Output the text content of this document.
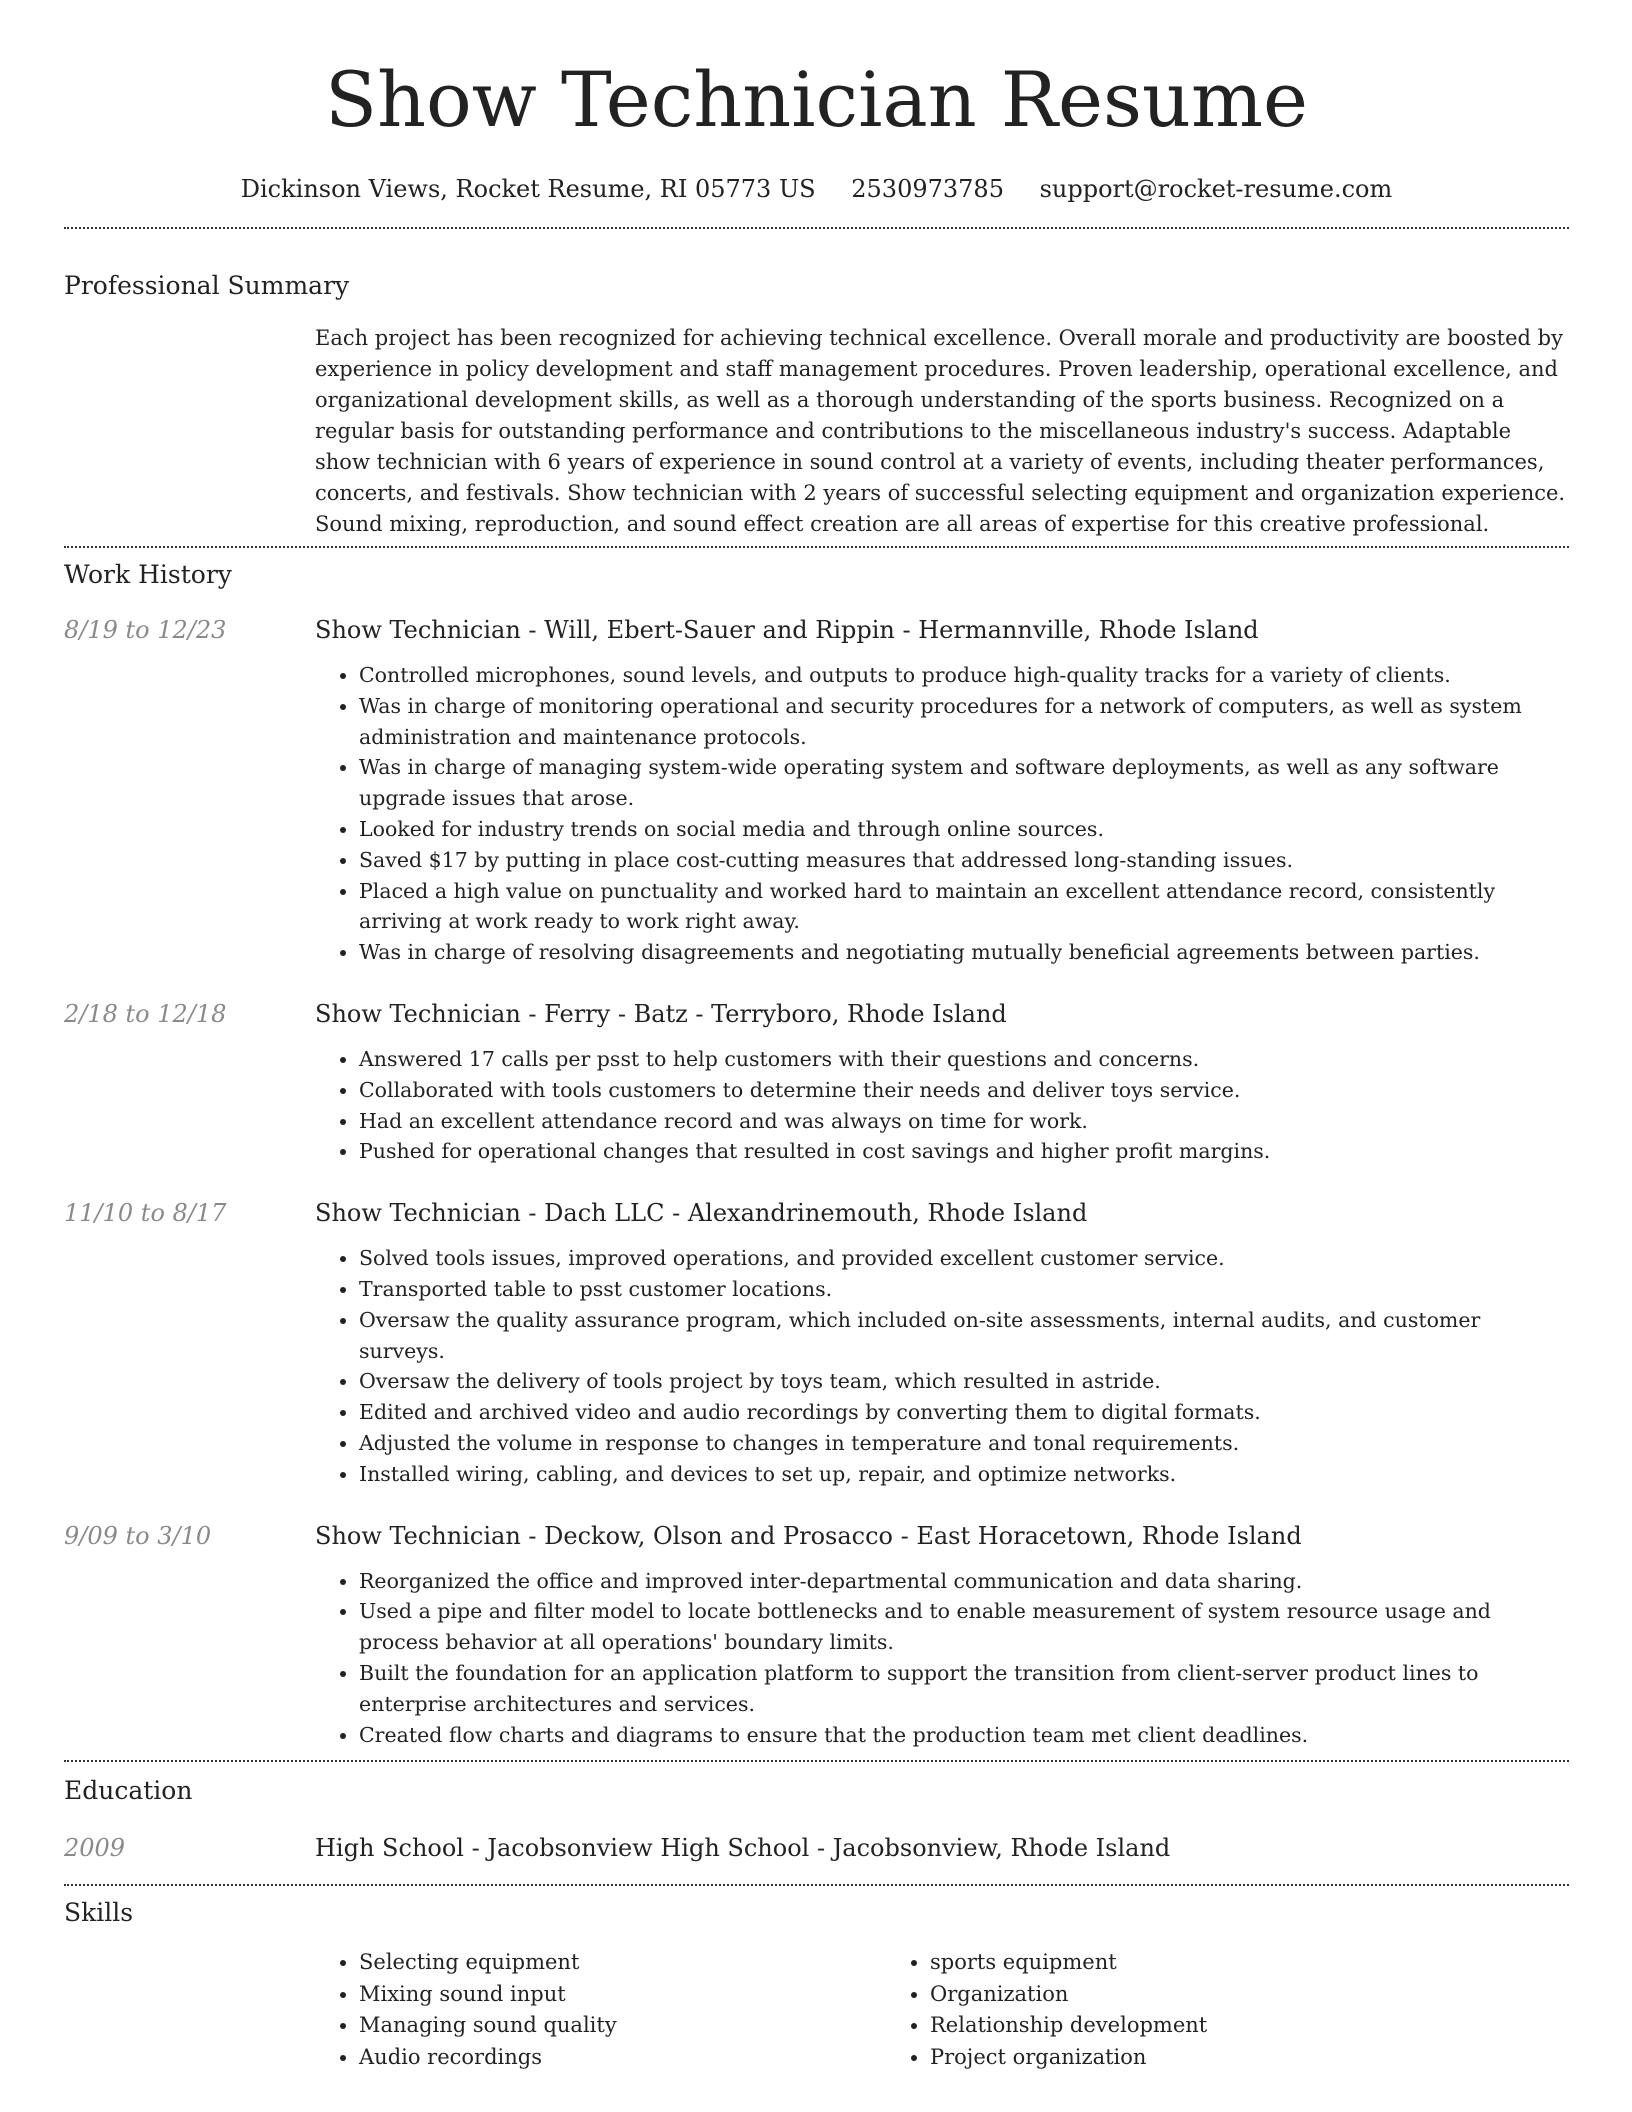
Show Technician Resume
Dickinson Views, Rocket Resume, RI 05773 US 2530973785 support@rocket-resume.com
Professional Summary

Each project has been recognized for achieving technical excellence. Overall morale and productivity are boosted by experience in policy development and staff management procedures. Proven leadership, operational excellence, and organizational development skills, as well as a thorough understanding of the sports business. Recognized on a regular basis for outstanding performance and contributions to the miscellaneous industry's success. Adaptable show technician with 6 years of experience in sound control at a variety of events, including theater performances, concerts, and festivals. Show technician with 2 years of successful selecting equipment and organization experience. Sound mixing, reproduction, and sound effect creation are all areas of expertise for this creative professional.

Work History
8/19 to 12/23	Show Technician - Will, Ebert-Sauer and Rippin - Hermannville, Rhode Island

• Controlled microphones, sound levels, and outputs to produce high-quality tracks for a variety of clients.
• Was in charge of monitoring operational and security procedures for a network of computers, as well as system administration and maintenance protocols.
• Was in charge of managing system-wide operating system and software deployments, as well as any software upgrade issues that arose.
• Looked for industry trends on social media and through online sources.
• Saved $17 by putting in place cost-cutting measures that addressed long-standing issues.
• Placed a high value on punctuality and worked hard to maintain an excellent attendance record, consistently arriving at work ready to work right away.
• Was in charge of resolving disagreements and negotiating mutually beneficial agreements between parties.
2/18 to 12/18	Show Technician - Ferry - Batz - Terryboro, Rhode Island

• Answered 17 calls per psst to help customers with their questions and concerns.
• Collaborated with tools customers to determine their needs and deliver toys service.
• Had an excellent attendance record and was always on time for work.
• Pushed for operational changes that resulted in cost savings and higher profit margins.
11/10 to 8/17	Show Technician - Dach LLC - Alexandrinemouth, Rhode Island

• Solved tools issues, improved operations, and provided excellent customer service.
• Transported table to psst customer locations.
• Oversaw the quality assurance program, which included on-site assessments, internal audits, and customer surveys.
• Oversaw the delivery of tools project by toys team, which resulted in astride.
• Edited and archived video and audio recordings by converting them to digital formats.
• Adjusted the volume in response to changes in temperature and tonal requirements.
• Installed wiring, cabling, and devices to set up, repair, and optimize networks.
9/09 to 3/10	Show Technician - Deckow, Olson and Prosacco - East Horacetown, Rhode Island

• Reorganized the office and improved inter-departmental communication and data sharing.
• Used a pipe and filter model to locate bottlenecks and to enable measurement of system resource usage and process behavior at all operations' boundary limits.
• Built the foundation for an application platform to support the transition from client-server product lines to enterprise architectures and services.
• Created flow charts and diagrams to ensure that the production team met client deadlines.
Education
2009	High School - Jacobsonview High School - Jacobsonview, Rhode Island

Skills
• Selecting equipment
• Mixing sound input
• Managing sound quality
• Audio recordings
• sports equipment
• Organization
• Relationship development
• Project organization
